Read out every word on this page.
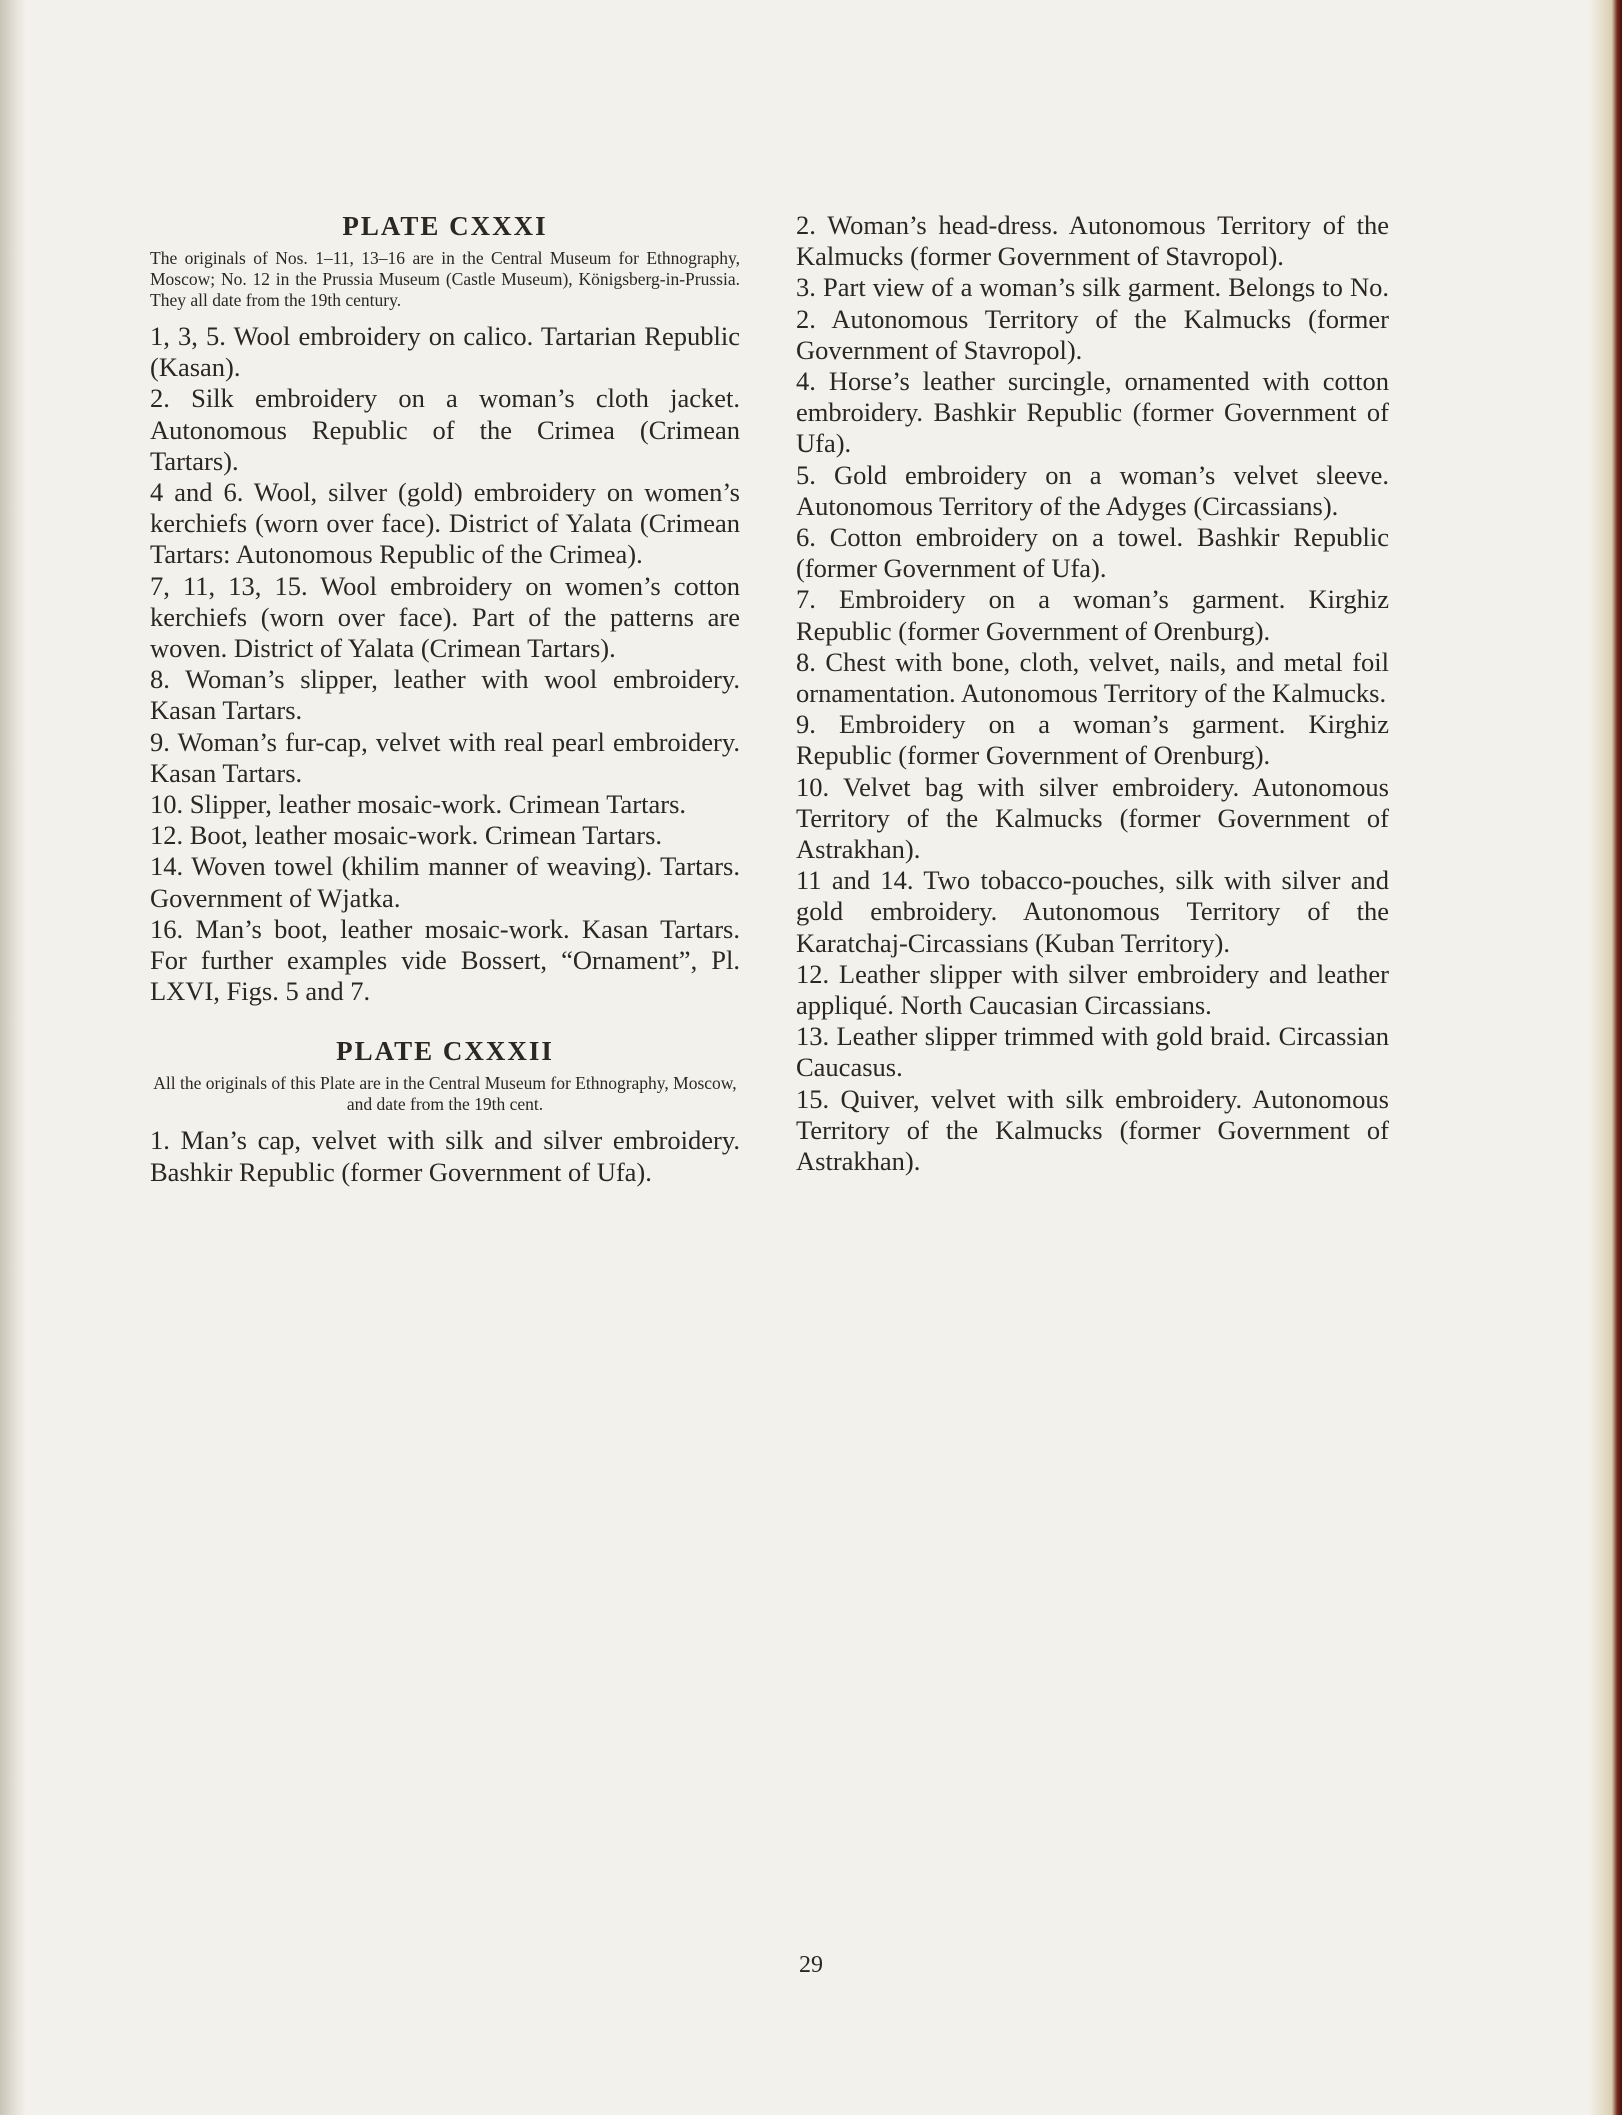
PLATE CXXXI

The originals of Nos. 1–11, 13–16 are in the Central Museum for Ethnography, Moscow; No. 12 in the Prussia Museum (Castle Museum), Königsberg-in-Prussia. They all date from the 19th century.

1, 3, 5. Wool embroidery on calico. Tartarian Republic (Kasan).

2. Silk embroidery on a woman’s cloth jacket. Autonomous Republic of the Crimea (Crimean Tartars).

4 and 6. Wool, silver (gold) embroidery on women’s kerchiefs (worn over face). District of Yalata (Crimean Tartars: Autonomous Republic of the Crimea).

7, 11, 13, 15. Wool embroidery on women’s cotton kerchiefs (worn over face). Part of the patterns are woven. District of Yalata (Crimean Tartars).

8. Woman’s slipper, leather with wool embroidery. Kasan Tartars.

9. Woman’s fur-cap, velvet with real pearl embroidery. Kasan Tartars.

10. Slipper, leather mosaic-work. Crimean Tartars.

12. Boot, leather mosaic-work. Crimean Tartars.

14. Woven towel (khilim manner of weaving). Tartars. Government of Wjatka.

16. Man’s boot, leather mosaic-work. Kasan Tartars. For further examples vide Bossert, “Ornament”, Pl. LXVI, Figs. 5 and 7.

PLATE CXXXII

All the originals of this Plate are in the Central Museum for Ethnography, Moscow, and date from the 19th cent.

1. Man’s cap, velvet with silk and silver embroidery. Bashkir Republic (former Government of Ufa).

2. Woman’s head-dress. Autonomous Territory of the Kalmucks (former Government of Stavropol).

3. Part view of a woman’s silk garment. Belongs to No. 2. Autonomous Territory of the Kalmucks (former Government of Stavropol).

4. Horse’s leather surcingle, ornamented with cotton embroidery. Bashkir Republic (former Government of Ufa).

5. Gold embroidery on a woman’s velvet sleeve. Autonomous Territory of the Adyges (Circassians).

6. Cotton embroidery on a towel. Bashkir Republic (former Government of Ufa).

7. Embroidery on a woman’s garment. Kirghiz Republic (former Government of Orenburg).

8. Chest with bone, cloth, velvet, nails, and metal foil ornamentation. Autonomous Territory of the Kalmucks.

9. Embroidery on a woman’s garment. Kirghiz Republic (former Government of Orenburg).

10. Velvet bag with silver embroidery. Autonomous Territory of the Kalmucks (former Government of Astrakhan).

11 and 14. Two tobacco-pouches, silk with silver and gold embroidery. Autonomous Territory of the Karatchaj-Circassians (Kuban Territory).

12. Leather slipper with silver embroidery and leather appliqué. North Caucasian Circassians.

13. Leather slipper trimmed with gold braid. Circassian Caucasus.

15. Quiver, velvet with silk embroidery. Autonomous Territory of the Kalmucks (former Government of Astrakhan).

29
